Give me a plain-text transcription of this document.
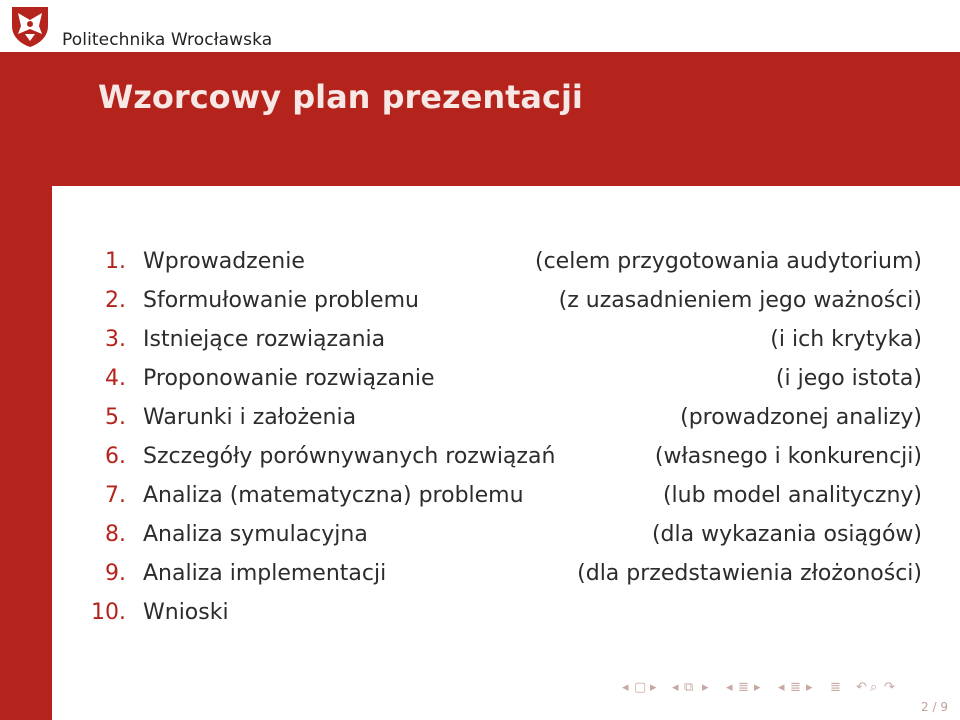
Politechnika Wrocławska
Wzorcowy plan prezentacji
1. Wprowadzenie	(celem przygotowania audytorium)
2. Sformułowanie problemu	(z uzasadnieniem jego ważności)
3. Istniejące rozwiązania	(i ich krytyka)
4. Proponowanie rozwiązanie	(i jego istota)
5. Warunki i założenia	(prowadzonej analizy)
6. Szczegóły porównywanych rozwiązań	(własnego i konkurencji)
7. Analiza (matematyczna) problemu	(lub model analityczny)
8. Analiza symulacyjna	(dla wykazania osiągów)
9. Analiza implementacji	(dla przedstawienia złożoności)
10. Wnioski
◂ ▢ ▸ ◂ ⧉ ▸ ◂ ≣ ▸ ◂ ≣ ▸ ≣ ↶ ⌕ ↷
2 / 9
